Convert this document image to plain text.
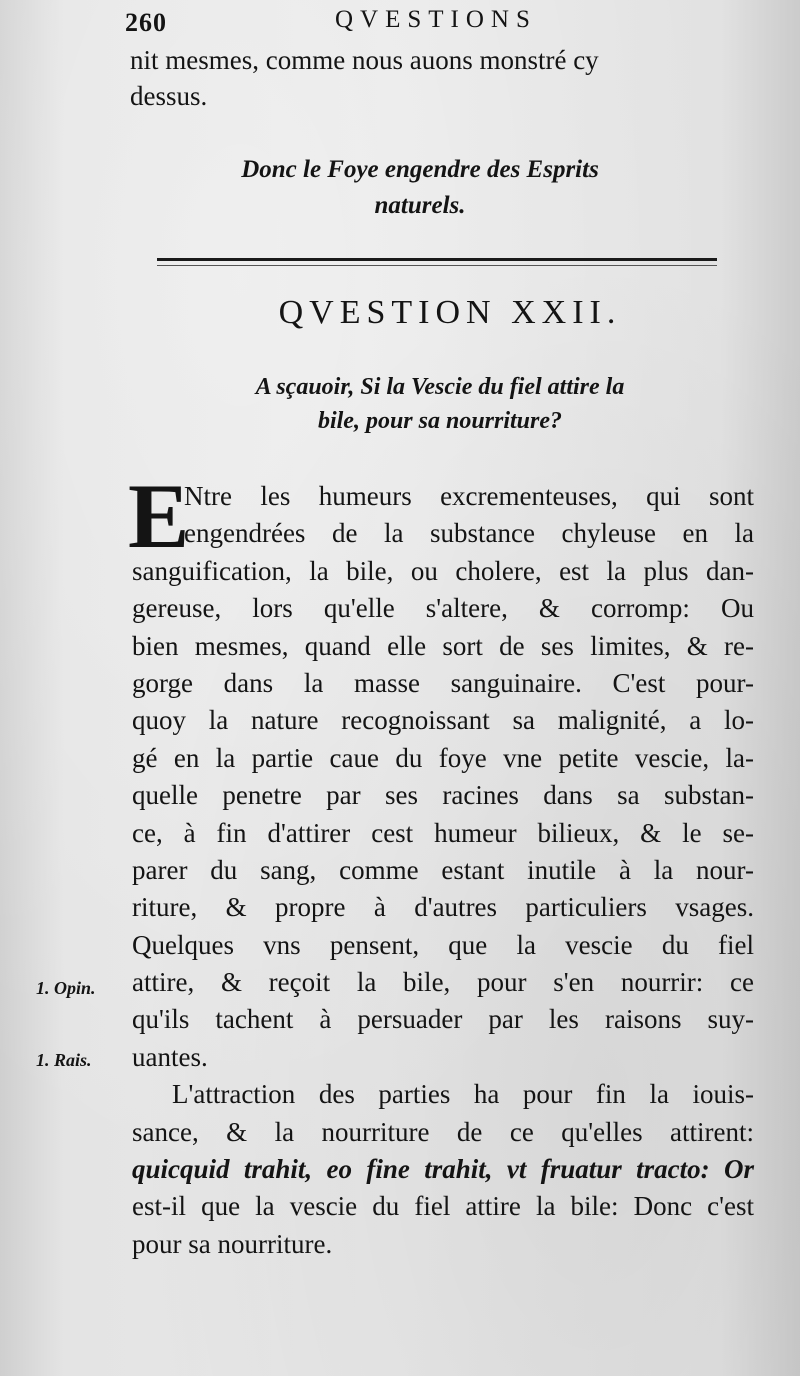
260	QVESTIONS
nit mesmes, comme nous auons monstré cy
dessus.
Donc le Foye engendre des Esprits
naturels.
QVESTION XXII.
A sçauoir, Si la Vescie du fiel attire la
bile, pour sa nourriture?
E
Ntre les humeurs excrementeuses, qui sont
engendrées de la substance chyleuse en la
sanguification, la bile, ou cholere, est la plus dan-
gereuse, lors qu'elle s'altere, & corromp: Ou
bien mesmes, quand elle sort de ses limites, & re-
gorge dans la masse sanguinaire. C'est pour-
quoy la nature recognoissant sa malignité, a lo-
gé en la partie caue du foye vne petite vescie, la-
quelle penetre par ses racines dans sa substan-
ce, à fin d'attirer cest humeur bilieux, & le se-
parer du sang, comme estant inutile à la nour-
riture, & propre à d'autres particuliers vsages.
Quelques vns pensent, que la vescie du fiel
attire, & reçoit la bile, pour s'en nourrir: ce
qu'ils tachent à persuader par les raisons suy-
uantes.
L'attraction des parties ha pour fin la iouis-
sance, & la nourriture de ce qu'elles attirent:
quicquid trahit, eo fine trahit, vt fruatur tracto: Or
est-il que la vescie du fiel attire la bile: Donc c'est
pour sa nourriture.
1. Opin.
1. Rais.
